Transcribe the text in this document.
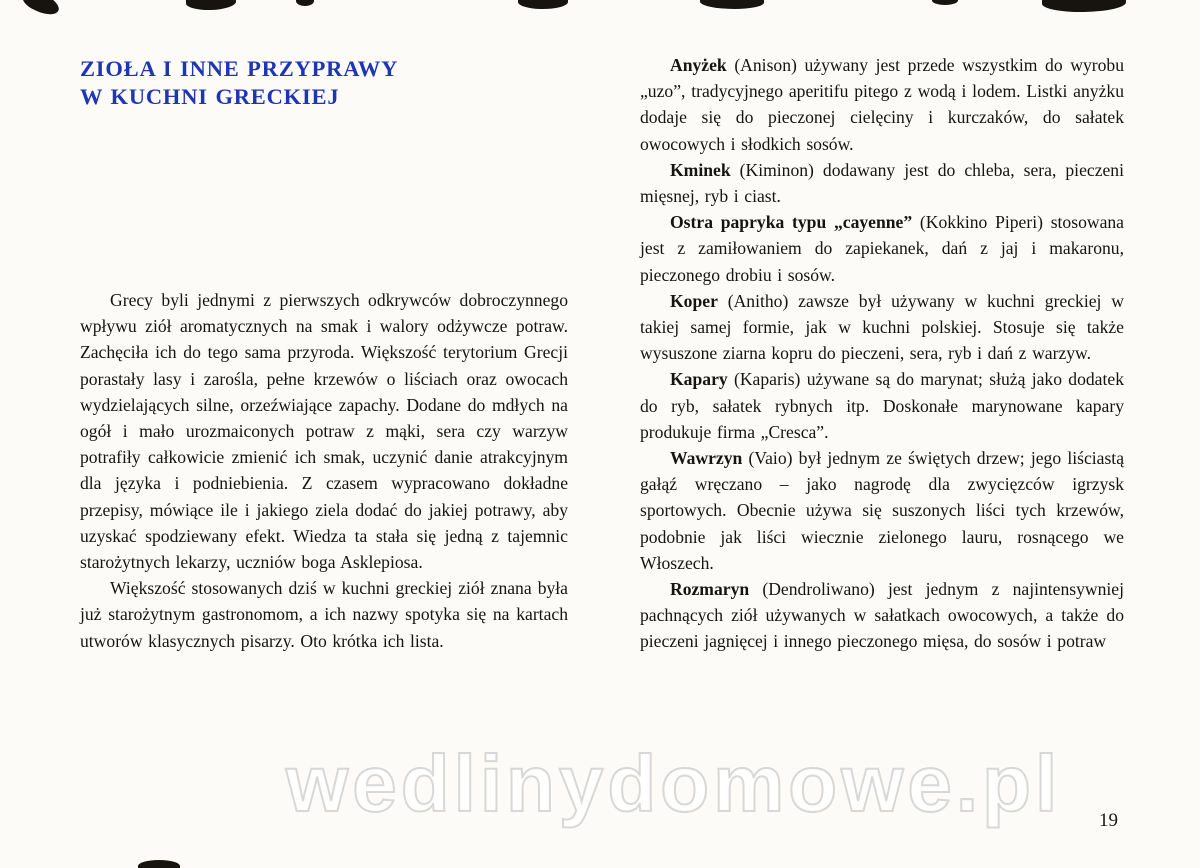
ZIOŁA I INNE PRZYPRAWY
W KUCHNI GRECKIEJ

Grecy byli jednymi z pierwszych odkrywców dobroczynnego wpływu ziół aromatycznych na smak i walory odżywcze potraw. Zachęciła ich do tego sama przyroda. Większość terytorium Grecji porastały lasy i zarośla, pełne krzewów o liściach oraz owocach wydzielających silne, orzeźwiające zapachy. Dodane do mdłych na ogół i mało urozmaiconych potraw z mąki, sera czy warzyw potrafiły całkowicie zmienić ich smak, uczynić danie atrakcyjnym dla języka i podniebienia. Z czasem wypracowano dokładne przepisy, mówiące ile i jakiego ziela dodać do jakiej potrawy, aby uzyskać spodziewany efekt. Wiedza ta stała się jedną z tajemnic starożytnych lekarzy, uczniów boga Asklepiosa.

Większość stosowanych dziś w kuchni greckiej ziół znana była już starożytnym gastronomom, a ich nazwy spotyka się na kartach utworów klasycznych pisarzy. Oto krótka ich lista.

Anyżek (Anison) używany jest przede wszystkim do wyrobu „uzo”, tradycyjnego aperitifu pitego z wodą i lodem. Listki anyżku dodaje się do pieczonej cielęciny i kurczaków, do sałatek owocowych i słodkich sosów.

Kminek (Kiminon) dodawany jest do chleba, sera, pieczeni mięsnej, ryb i ciast.

Ostra papryka typu „cayenne” (Kokkino Piperi) stosowana jest z zamiłowaniem do zapiekanek, dań z jaj i makaronu, pieczonego drobiu i sosów.

Koper (Anitho) zawsze był używany w kuchni greckiej w takiej samej formie, jak w kuchni polskiej. Stosuje się także wysuszone ziarna kopru do pieczeni, sera, ryb i dań z warzyw.

Kapary (Kaparis) używane są do marynat; służą jako dodatek do ryb, sałatek rybnych itp. Doskonałe marynowane kapary produkuje firma „Cresca”.

Wawrzyn (Vaio) był jednym ze świętych drzew; jego liściastą gałąź wręczano – jako nagrodę dla zwycięzców igrzysk sportowych. Obecnie używa się suszonych liści tych krzewów, podobnie jak liści wiecznie zielonego lauru, rosnącego we Włoszech.

Rozmaryn (Dendroliwano) jest jednym z najintensywniej pachnących ziół używanych w sałatkach owocowych, a także do pieczeni jagnięcej i innego pieczonego mięsa, do sosów i potraw

wedlinydomowe.pl	19
